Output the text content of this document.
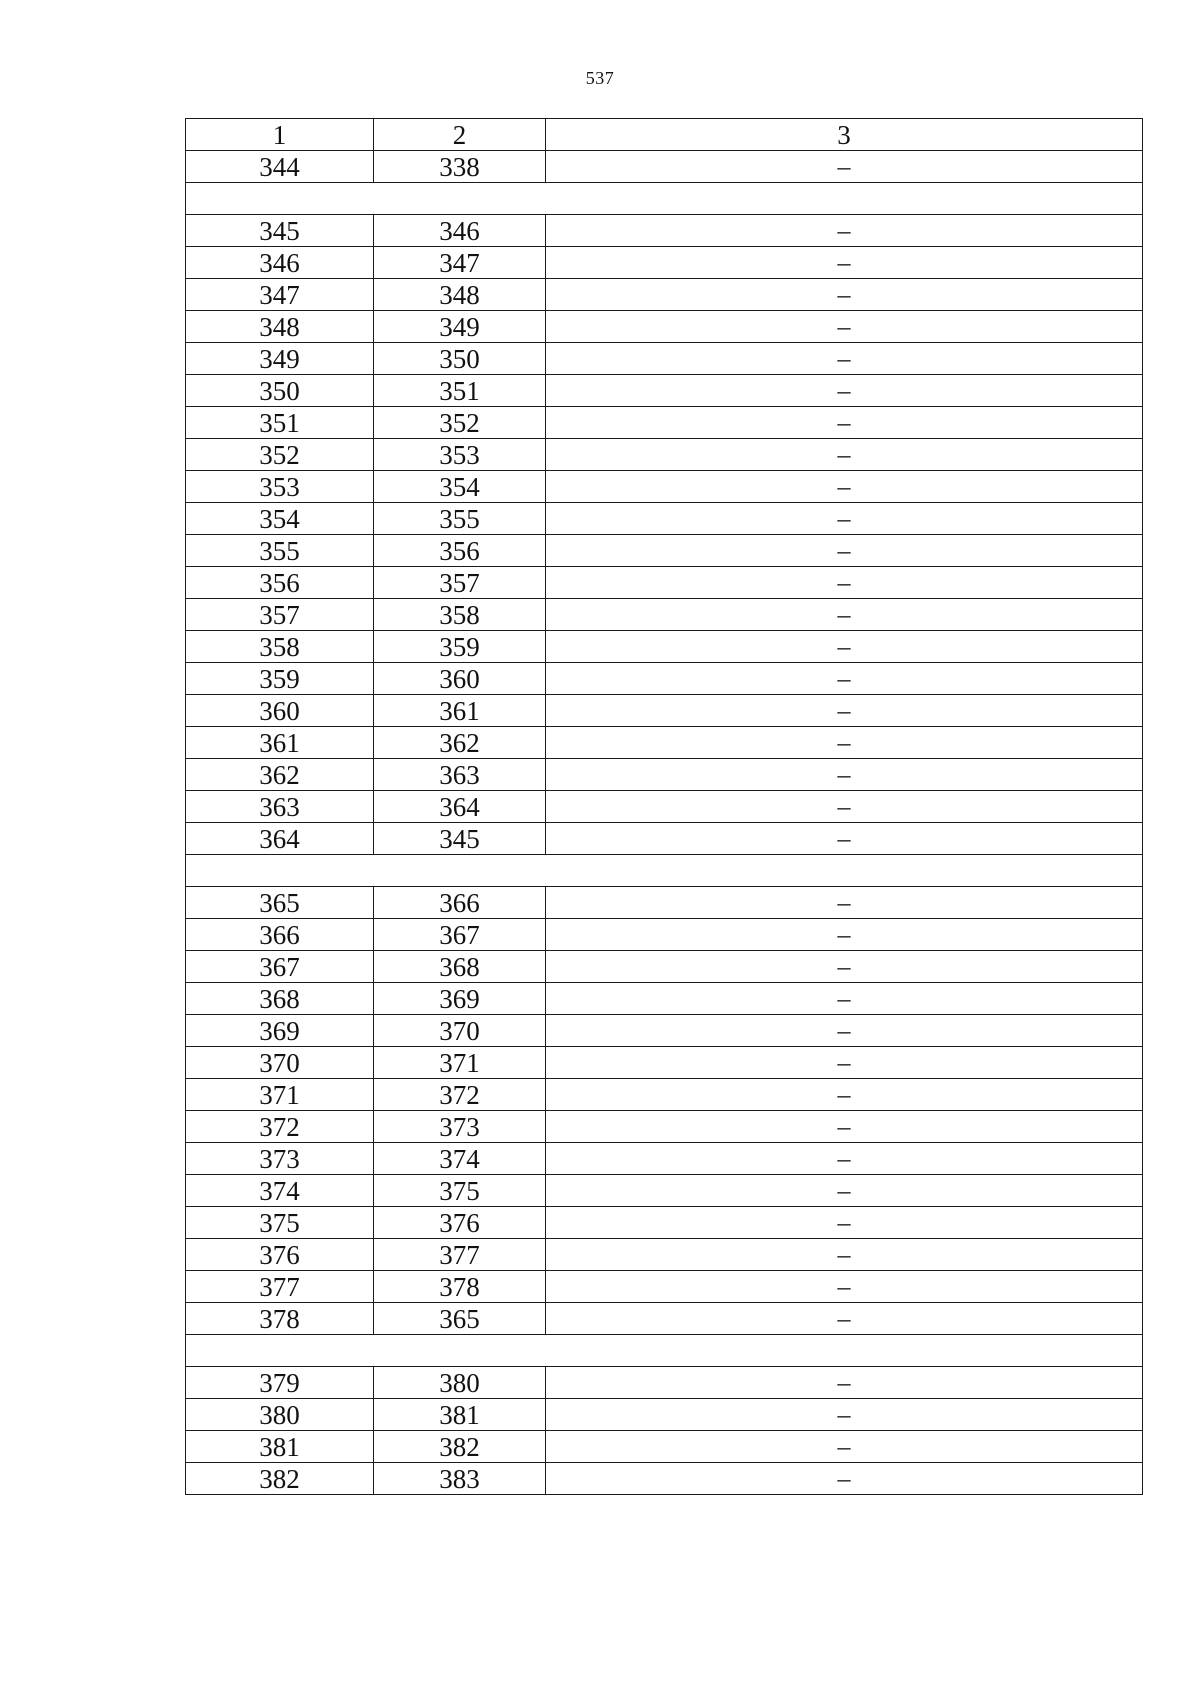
537
1	2	3
344	338	–

345	346	–
346	347	–
347	348	–
348	349	–
349	350	–
350	351	–
351	352	–
352	353	–
353	354	–
354	355	–
355	356	–
356	357	–
357	358	–
358	359	–
359	360	–
360	361	–
361	362	–
362	363	–
363	364	–
364	345	–

365	366	–
366	367	–
367	368	–
368	369	–
369	370	–
370	371	–
371	372	–
372	373	–
373	374	–
374	375	–
375	376	–
376	377	–
377	378	–
378	365	–

379	380	–
380	381	–
381	382	–
382	383	–
